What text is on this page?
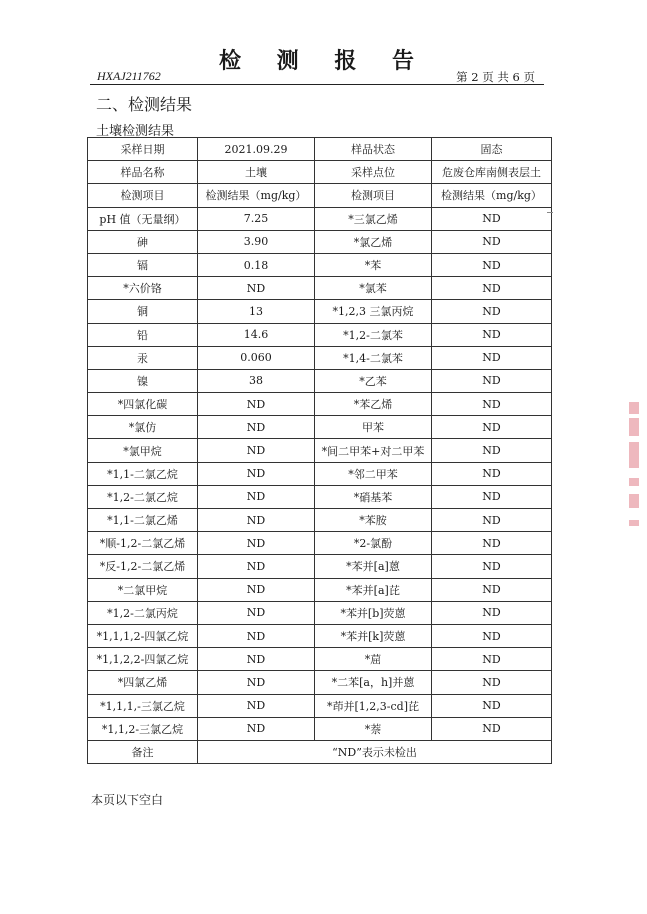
检 测 报 告
HXAJ211762	第 2 页 共 6 页
二、检测结果
土壤检测结果
采样日期	2021.09.29	样品状态	固态
样品名称	土壤	采样点位	危废仓库南侧表层土
检测项目	检测结果（mg/kg）	检测项目	检测结果（mg/kg）
pH 值（无量纲）	7.25	*三氯乙烯	ND
砷	3.90	*氯乙烯	ND
镉	0.18	*苯	ND
*六价铬	ND	*氯苯	ND
铜	13	*1,2,3 三氯丙烷	ND
铅	14.6	*1,2-二氯苯	ND
汞	0.060	*1,4-二氯苯	ND
镍	38	*乙苯	ND
*四氯化碳	ND	*苯乙烯	ND
*氯仿	ND	甲苯	ND
*氯甲烷	ND	*间二甲苯+对二甲苯	ND
*1,1-二氯乙烷	ND	*邻二甲苯	ND
*1,2-二氯乙烷	ND	*硝基苯	ND
*1,1-二氯乙烯	ND	*苯胺	ND
*顺-1,2-二氯乙烯	ND	*2-氯酚	ND
*反-1,2-二氯乙烯	ND	*苯并[a]蒽	ND
*二氯甲烷	ND	*苯并[a]芘	ND
*1,2-二氯丙烷	ND	*苯并[b]荧蒽	ND
*1,1,1,2-四氯乙烷	ND	*苯并[k]荧蒽	ND
*1,1,2,2-四氯乙烷	ND	*䓛	ND
*四氯乙烯	ND	*二苯[a，h]并蒽	ND
*1,1,1,-三氯乙烷	ND	*茚并[1,2,3-cd]芘	ND
*1,1,2-三氯乙烷	ND	*萘	ND
备注	“ND”表示未检出		
本页以下空白
